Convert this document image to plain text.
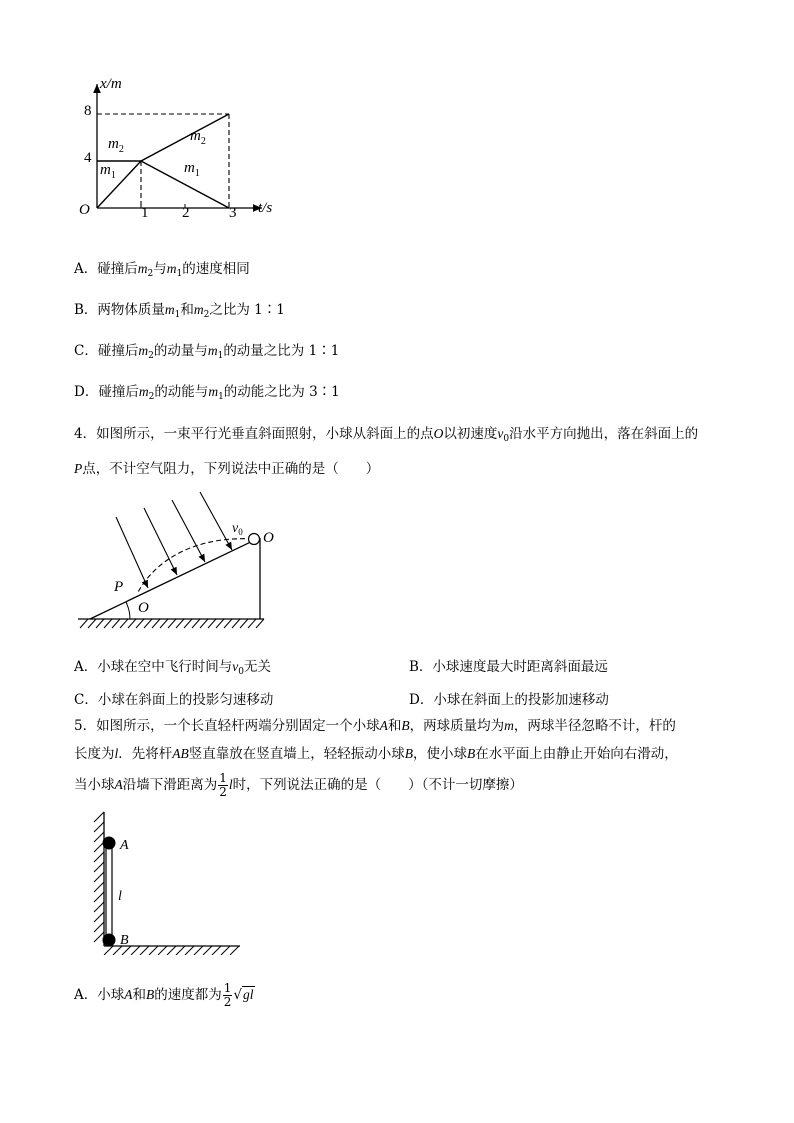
x/m
t/s
O
4
8
1 2	3
$m_2$
$m_1$
$m_2$
$m_1$
A．碰撞后$m_2$与$m_1$的速度相同
B．两物体质量$m_1$和$m_2$之比为 1∶1
C．碰撞后$m_2$的动量与$m_1$的动量之比为 1∶1
D．碰撞后$m_2$的动能与$m_1$的动能之比为 3∶1
4．如图所示，一束平行光垂直斜面照射，小球从斜面上的点O以初速度$v_0$沿水平方向抛出，落在斜面上的
P点，不计空气阻力，下列说法中正确的是（　　）
$v_0$ O
P
O
A．小球在空中飞行时间与$v_0$无关	B．小球速度最大时距离斜面最远
C．小球在斜面上的投影匀速移动	D．小球在斜面上的投影加速移动
5．如图所示，一个长直轻杆两端分别固定一个小球A和B，两球质量均为m，两球半径忽略不计，杆的
长度为l．先将杆AB竖直靠放在竖直墙上，轻轻振动小球B，使小球B在水平面上由静止开始向右滑动，
当小球A沿墙下滑距离为 $\frac{1}{2}$ l时，下列说法正确的是（　　）（不计一切摩擦）
A
B
l
A．小球A和B的速度都为 $\frac{1}{2} √gl$
